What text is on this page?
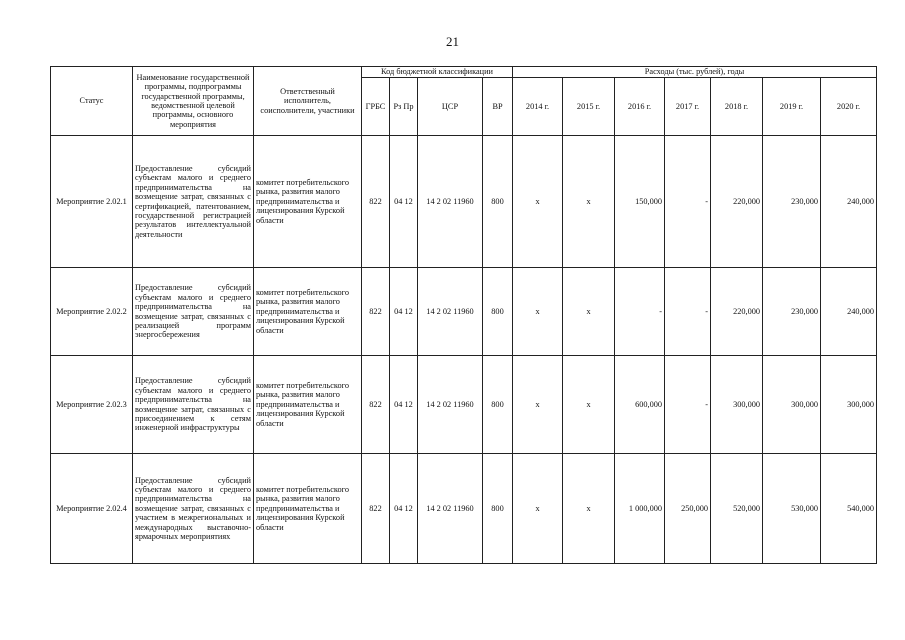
21
Статус	Наименование государственной программы, подпрограммы государственной программы, ведомственной целевой программы, основного мероприятия	Ответственный исполнитель, соисполнители, участники	Код бюджетной классификации				Расходы (тыс. рублей), годы						
			ГРБС	Рз Пр	ЦСР	ВР	2014 г.	2015 г.	2016 г.	2017 г.	2018 г.	2019 г.	2020 г.
Мероприятие 2.02.1	Предоставление субсидий субъектам малого и среднего предпринимательства на возмещение затрат, связанных с сертификацией, патентованием, государственной регистрацией результатов интеллектуальной деятельности	комитет потребительского рынка, развития малого предпринимательства и лицензирования Курской области	822	04 12	14 2 02 11960	800	x	x	150,000	-	220,000	230,000	240,000
Мероприятие 2.02.2	Предоставление субсидий субъектам малого и среднего предпринимательства на возмещение затрат, связанных с реализацией программ энергосбережения	комитет потребительского рынка, развития малого предпринимательства и лицензирования Курской области	822	04 12	14 2 02 11960	800	x	x	-	-	220,000	230,000	240,000
Мероприятие 2.02.3	Предоставление субсидий субъектам малого и среднего предпринимательства на возмещение затрат, связанных с присоединением к сетям инженерной инфраструктуры	комитет потребительского рынка, развития малого предпринимательства и лицензирования Курской области	822	04 12	14 2 02 11960	800	x	x	600,000	-	300,000	300,000	300,000
Мероприятие 2.02.4	Предоставление субсидий субъектам малого и среднего предпринимательства на возмещение затрат, связанных с участием в межрегиональных и международных выставочно-ярмарочных мероприятиях	комитет потребительского рынка, развития малого предпринимательства и лицензирования Курской области	822	04 12	14 2 02 11960	800	x	x	1 000,000	250,000	520,000	530,000	540,000
